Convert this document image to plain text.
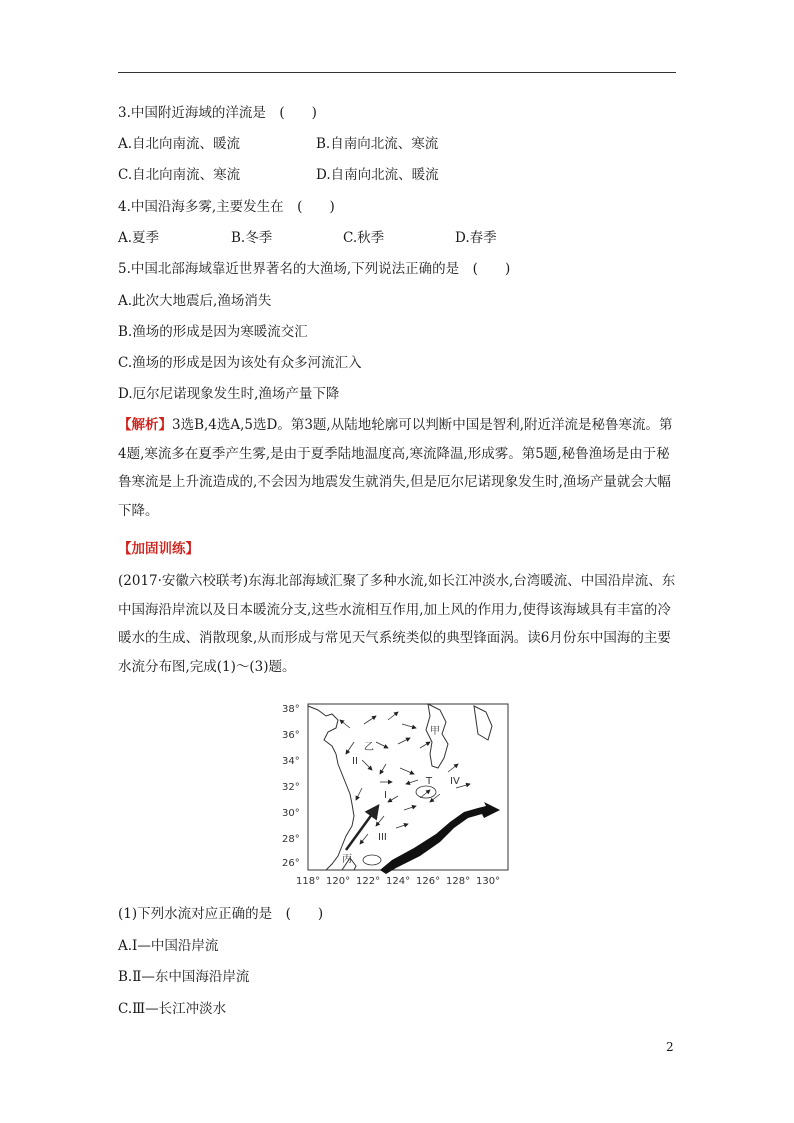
3.中国附近海域的洋流是　(　　)
A.自北向南流、暖流	B.自南向北流、寒流
C.自北向南流、寒流	D.自南向北流、暖流
4.中国沿海多雾,主要发生在　(　　)
A.夏季	B.冬季	C.秋季	D.春季
5.中国北部海域靠近世界著名的大渔场,下列说法正确的是　(　　)
A.此次大地震后,渔场消失
B.渔场的形成是因为寒暖流交汇
C.渔场的形成是因为该处有众多河流汇入
D.厄尔尼诺现象发生时,渔场产量下降
【解析】3选B,4选A,5选D。第3题,从陆地轮廓可以判断中国是智利,附近洋流是秘鲁寒流。第4题,寒流多在夏季产生雾,是由于夏季陆地温度高,寒流降温,形成雾。第5题,秘鲁渔场是由于秘鲁寒流是上升流造成的,不会因为地震发生就消失,但是厄尔尼诺现象发生时,渔场产量就会大幅下降。
【加固训练】
(2017·安徽六校联考)东海北部海域汇聚了多种水流,如长江冲淡水,台湾暖流、中国沿岸流、东中国海沿岸流以及日本暖流分支,这些水流相互作用,加上风的作用力,使得该海域具有丰富的冷暖水的生成、消散现象,从而形成与常见天气系统类似的典型锋面涡。读6月份东中国海的主要水流分布图,完成(1)～(3)题。
甲
乙
II
I
T IV
III
丙
38°
36°
34°
32°
30°
28°
26°
118° 120° 122° 124° 126° 128° 130°
(1)下列水流对应正确的是　(　　)
A.Ⅰ—中国沿岸流
B.Ⅱ—东中国海沿岸流
C.Ⅲ—长江冲淡水
2
